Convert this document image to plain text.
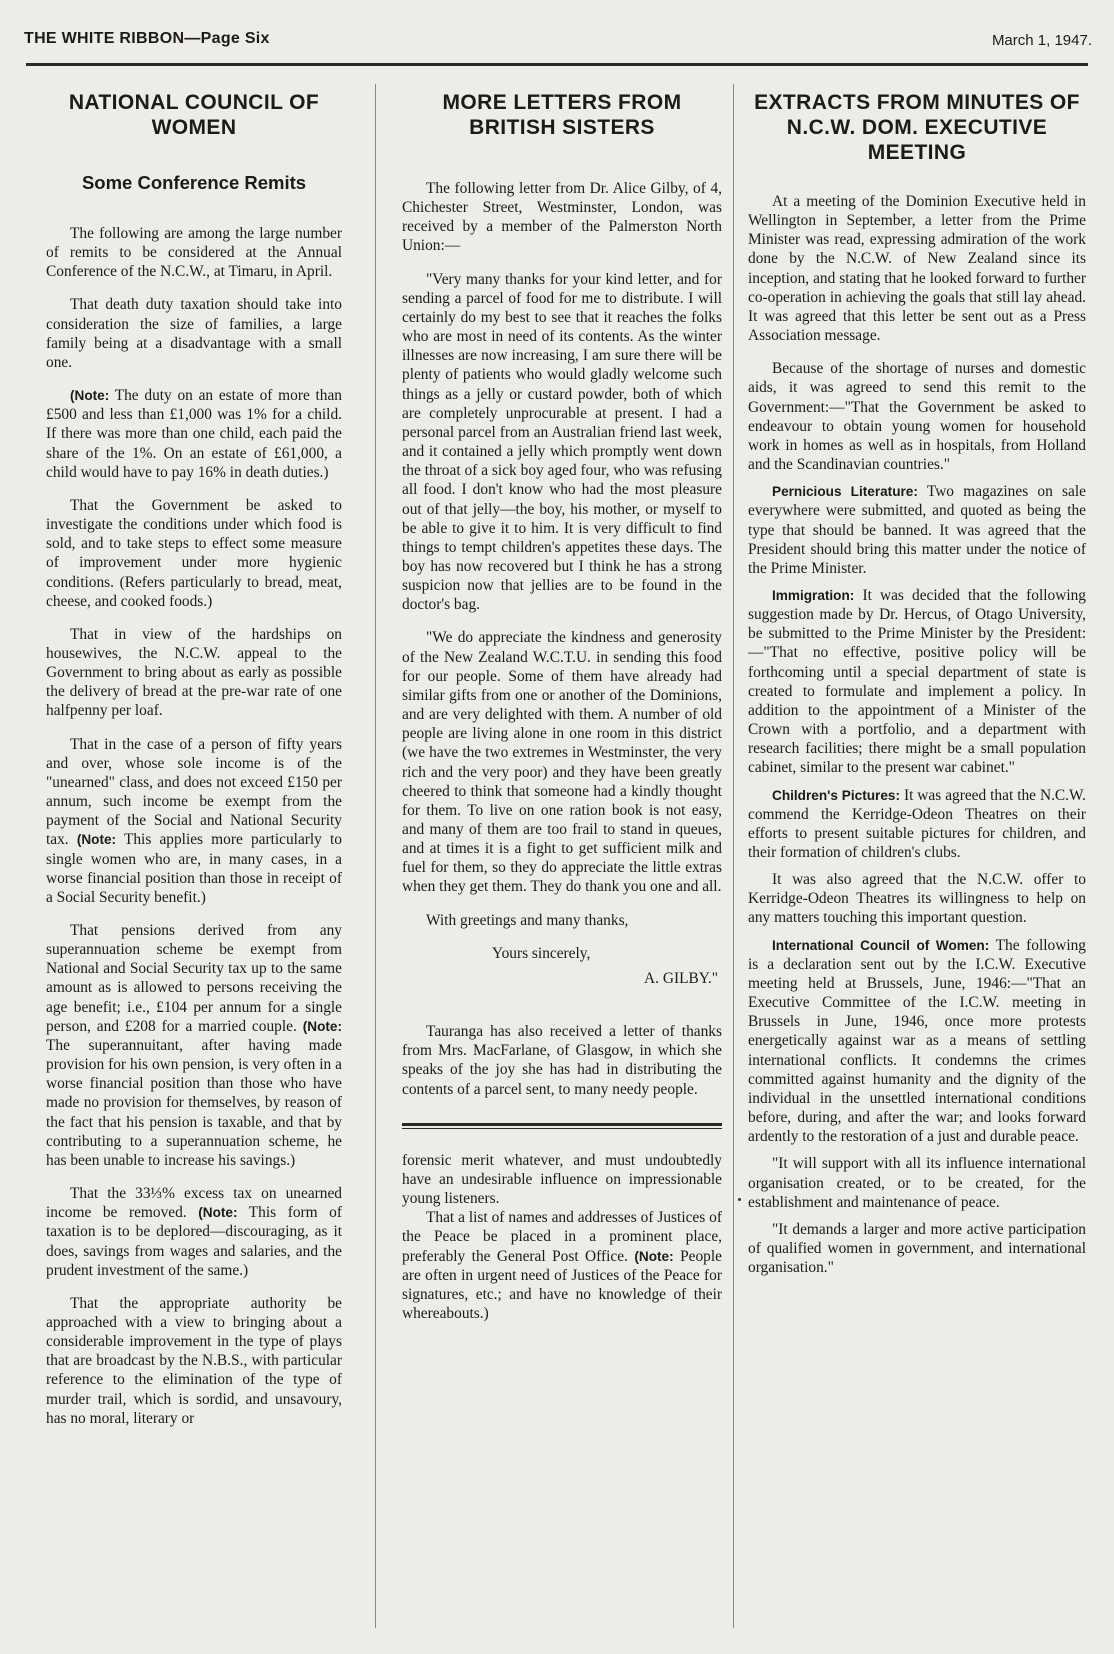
THE WHITE RIBBON—Page Six	March 1, 1947.
NATIONAL COUNCIL OF WOMEN
Some Conference Remits

The following are among the large number of remits to be considered at the Annual Conference of the N.C.W., at Timaru, in April.

That death duty taxation should take into consideration the size of families, a large family being at a disadvantage with a small one.

(Note: The duty on an estate of more than £500 and less than £1,000 was 1% for a child. If there was more than one child, each paid the share of the 1%. On an estate of £61,000, a child would have to pay 16% in death duties.)

That the Government be asked to investigate the conditions under which food is sold, and to take steps to effect some measure of improvement under more hygienic conditions. (Refers particularly to bread, meat, cheese, and cooked foods.)

That in view of the hardships on housewives, the N.C.W. appeal to the Government to bring about as early as possible the delivery of bread at the pre-war rate of one halfpenny per loaf.

That in the case of a person of fifty years and over, whose sole income is of the "unearned" class, and does not exceed £150 per annum, such income be exempt from the payment of the Social and National Security tax. (Note: This applies more particularly to single women who are, in many cases, in a worse financial position than those in receipt of a Social Security benefit.)

That pensions derived from any superannuation scheme be exempt from National and Social Security tax up to the same amount as is allowed to persons receiving the age benefit; i.e., £104 per annum for a single person, and £208 for a married couple. (Note: The superannuitant, after having made provision for his own pension, is very often in a worse financial position than those who have made no provision for themselves, by reason of the fact that his pension is taxable, and that by contributing to a superannuation scheme, he has been unable to increase his savings.)

That the 33⅓% excess tax on unearned income be removed. (Note: This form of taxation is to be deplored—discouraging, as it does, savings from wages and salaries, and the prudent investment of the same.)

That the appropriate authority be approached with a view to bringing about a considerable improvement in the type of plays that are broadcast by the N.B.S., with particular reference to the elimination of the type of murder trail, which is sordid, and unsavoury, has no moral, literary or

MORE LETTERS FROM BRITISH SISTERS

The following letter from Dr. Alice Gilby, of 4, Chichester Street, Westminster, London, was received by a member of the Palmerston North Union:—

"Very many thanks for your kind letter, and for sending a parcel of food for me to distribute. I will certainly do my best to see that it reaches the folks who are most in need of its contents. As the winter illnesses are now increasing, I am sure there will be plenty of patients who would gladly welcome such things as a jelly or custard powder, both of which are completely unprocurable at present. I had a personal parcel from an Australian friend last week, and it contained a jelly which promptly went down the throat of a sick boy aged four, who was refusing all food. I don't know who had the most pleasure out of that jelly—the boy, his mother, or myself to be able to give it to him. It is very difficult to find things to tempt children's appetites these days. The boy has now recovered but I think he has a strong suspicion now that jellies are to be found in the doctor's bag.

"We do appreciate the kindness and generosity of the New Zealand W.C.T.U. in sending this food for our people. Some of them have already had similar gifts from one or another of the Dominions, and are very delighted with them. A number of old people are living alone in one room in this district (we have the two extremes in Westminster, the very rich and the very poor) and they have been greatly cheered to think that someone had a kindly thought for them. To live on one ration book is not easy, and many of them are too frail to stand in queues, and at times it is a fight to get sufficient milk and fuel for them, so they do appreciate the little extras when they get them. They do thank you one and all.

With greetings and many thanks,

Yours sincerely,

A. GILBY."

Tauranga has also received a letter of thanks from Mrs. MacFarlane, of Glasgow, in which she speaks of the joy she has had in distributing the contents of a parcel sent, to many needy people.

forensic merit whatever, and must undoubtedly have an undesirable influence on impressionable young listeners.

That a list of names and addresses of Justices of the Peace be placed in a prominent place, preferably the General Post Office. (Note: People are often in urgent need of Justices of the Peace for signatures, etc.; and have no knowledge of their whereabouts.)

EXTRACTS FROM MINUTES OF N.C.W. DOM. EXECUTIVE MEETING

At a meeting of the Dominion Executive held in Wellington in September, a letter from the Prime Minister was read, expressing admiration of the work done by the N.C.W. of New Zealand since its inception, and stating that he looked forward to further co-operation in achieving the goals that still lay ahead. It was agreed that this letter be sent out as a Press Association message.

Because of the shortage of nurses and domestic aids, it was agreed to send this remit to the Government:—"That the Government be asked to endeavour to obtain young women for household work in homes as well as in hospitals, from Holland and the Scandinavian countries."

Pernicious Literature: Two magazines on sale everywhere were submitted, and quoted as being the type that should be banned. It was agreed that the President should bring this matter under the notice of the Prime Minister.

Immigration: It was decided that the following suggestion made by Dr. Hercus, of Otago University, be submitted to the Prime Minister by the President:—"That no effective, positive policy will be forthcoming until a special department of state is created to formulate and implement a policy. In addition to the appointment of a Minister of the Crown with a portfolio, and a department with research facilities; there might be a small population cabinet, similar to the present war cabinet."

Children's Pictures: It was agreed that the N.C.W. commend the Kerridge-Odeon Theatres on their efforts to present suitable pictures for children, and their formation of children's clubs.

It was also agreed that the N.C.W. offer to Kerridge-Odeon Theatres its willingness to help on any matters touching this important question.

International Council of Women: The following is a declaration sent out by the I.C.W. Executive meeting held at Brussels, June, 1946:—"That an Executive Committee of the I.C.W. meeting in Brussels in June, 1946, once more protests energetically against war as a means of settling international conflicts. It condemns the crimes committed against humanity and the dignity of the individual in the unsettled international conditions before, during, and after the war; and looks forward ardently to the restoration of a just and durable peace.

"It will support with all its influence international organisation created, or to be created, for the establishment and maintenance of peace.

"It demands a larger and more active participation of qualified women in government, and international organisation."
